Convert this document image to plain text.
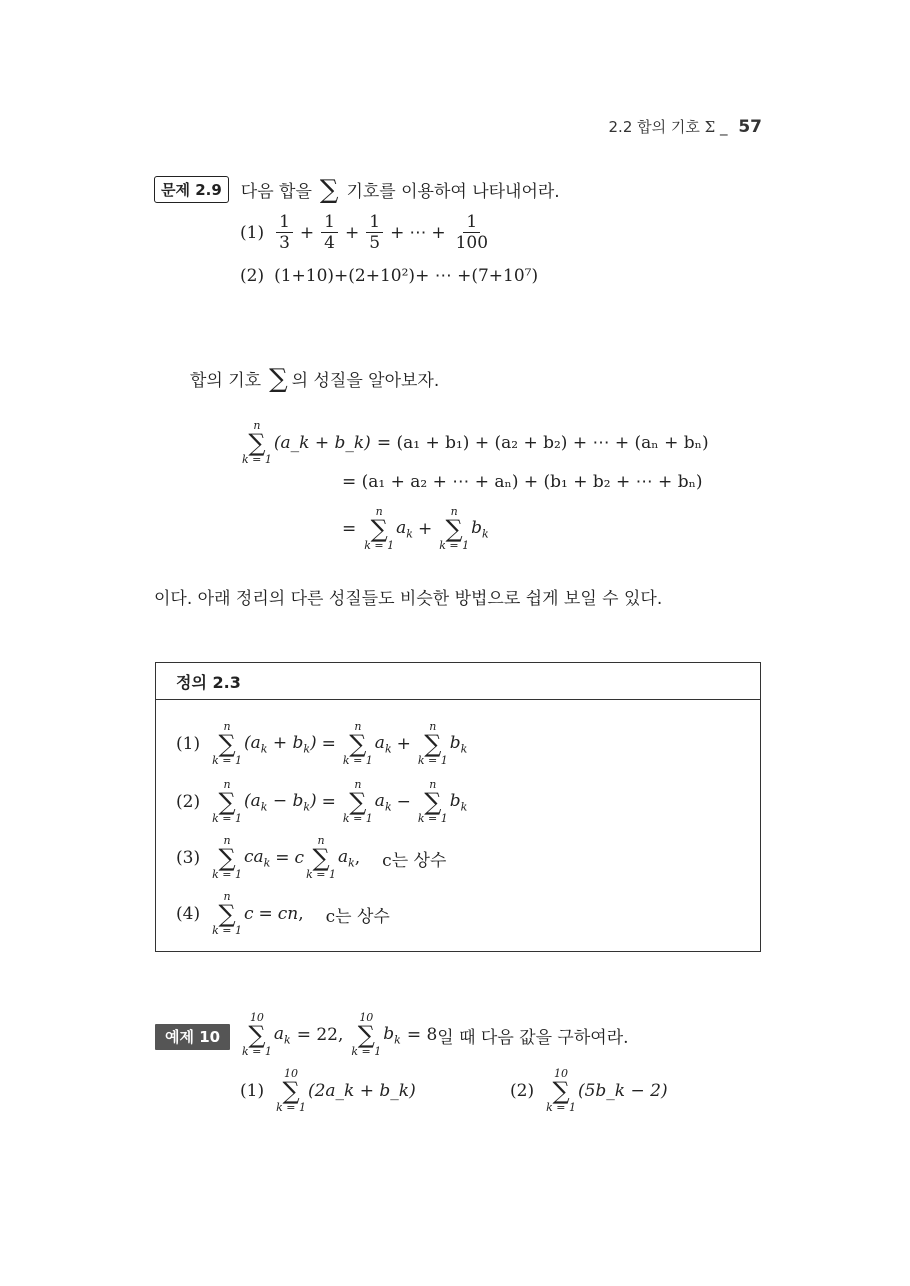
2.2 합의 기호 Σ _ 57
문제 2.9	다음 합을 ∑ 기호를 이용하여 나타내어라.
$(1) \frac{1}{3} + \frac{1}{4} + \frac{1}{5}$ + ⋯ + $\frac{1}{100}$
(2) (1+10)+(2+10²)+ ⋯ +(7+10⁷)
합의 기호 ∑ 의 성질을 알아보자.
n
∑
k = 1
(a_k + b_k) = (a₁ + b₁) + (a₂ + b₂) + ⋯ + (aₙ + bₙ)
= (a₁ + a₂ + ⋯ + aₙ) + (b₁ + b₂ + ⋯ + bₙ)
=
n
∑
k = 1
$a_k$ +
n
∑
k = 1
$b_k$
이다. 아래 정리의 다른 성질들도 비슷한 방법으로 쉽게 보일 수 있다.
정의 2.3
(1)
n
∑
k = 1
$(a_k + b_k)$ =
n
∑
k = 1
$a_k$ +
n
∑
k = 1
$b_k$
(2)
n
∑
k = 1
$(a_k - b_k)$ =
n
∑
k = 1
$a_k$ −
n
∑
k = 1
$b_k$
(3)
n
∑
k = 1
$ca_k = c$
n
∑
k = 1
$a_k$ , c는 상수
(4)
n
∑
k = 1
c = cn , c는 상수
예제 10
10
∑
k = 1
$a_k = 22$,
10
∑
k = 1
$b_k = 8$ 일 때 다음 값을 구하여라.
(1)
10
∑
k = 1
(2a_k + b_k)	(2)
10
∑
k = 1
(5b_k − 2)
